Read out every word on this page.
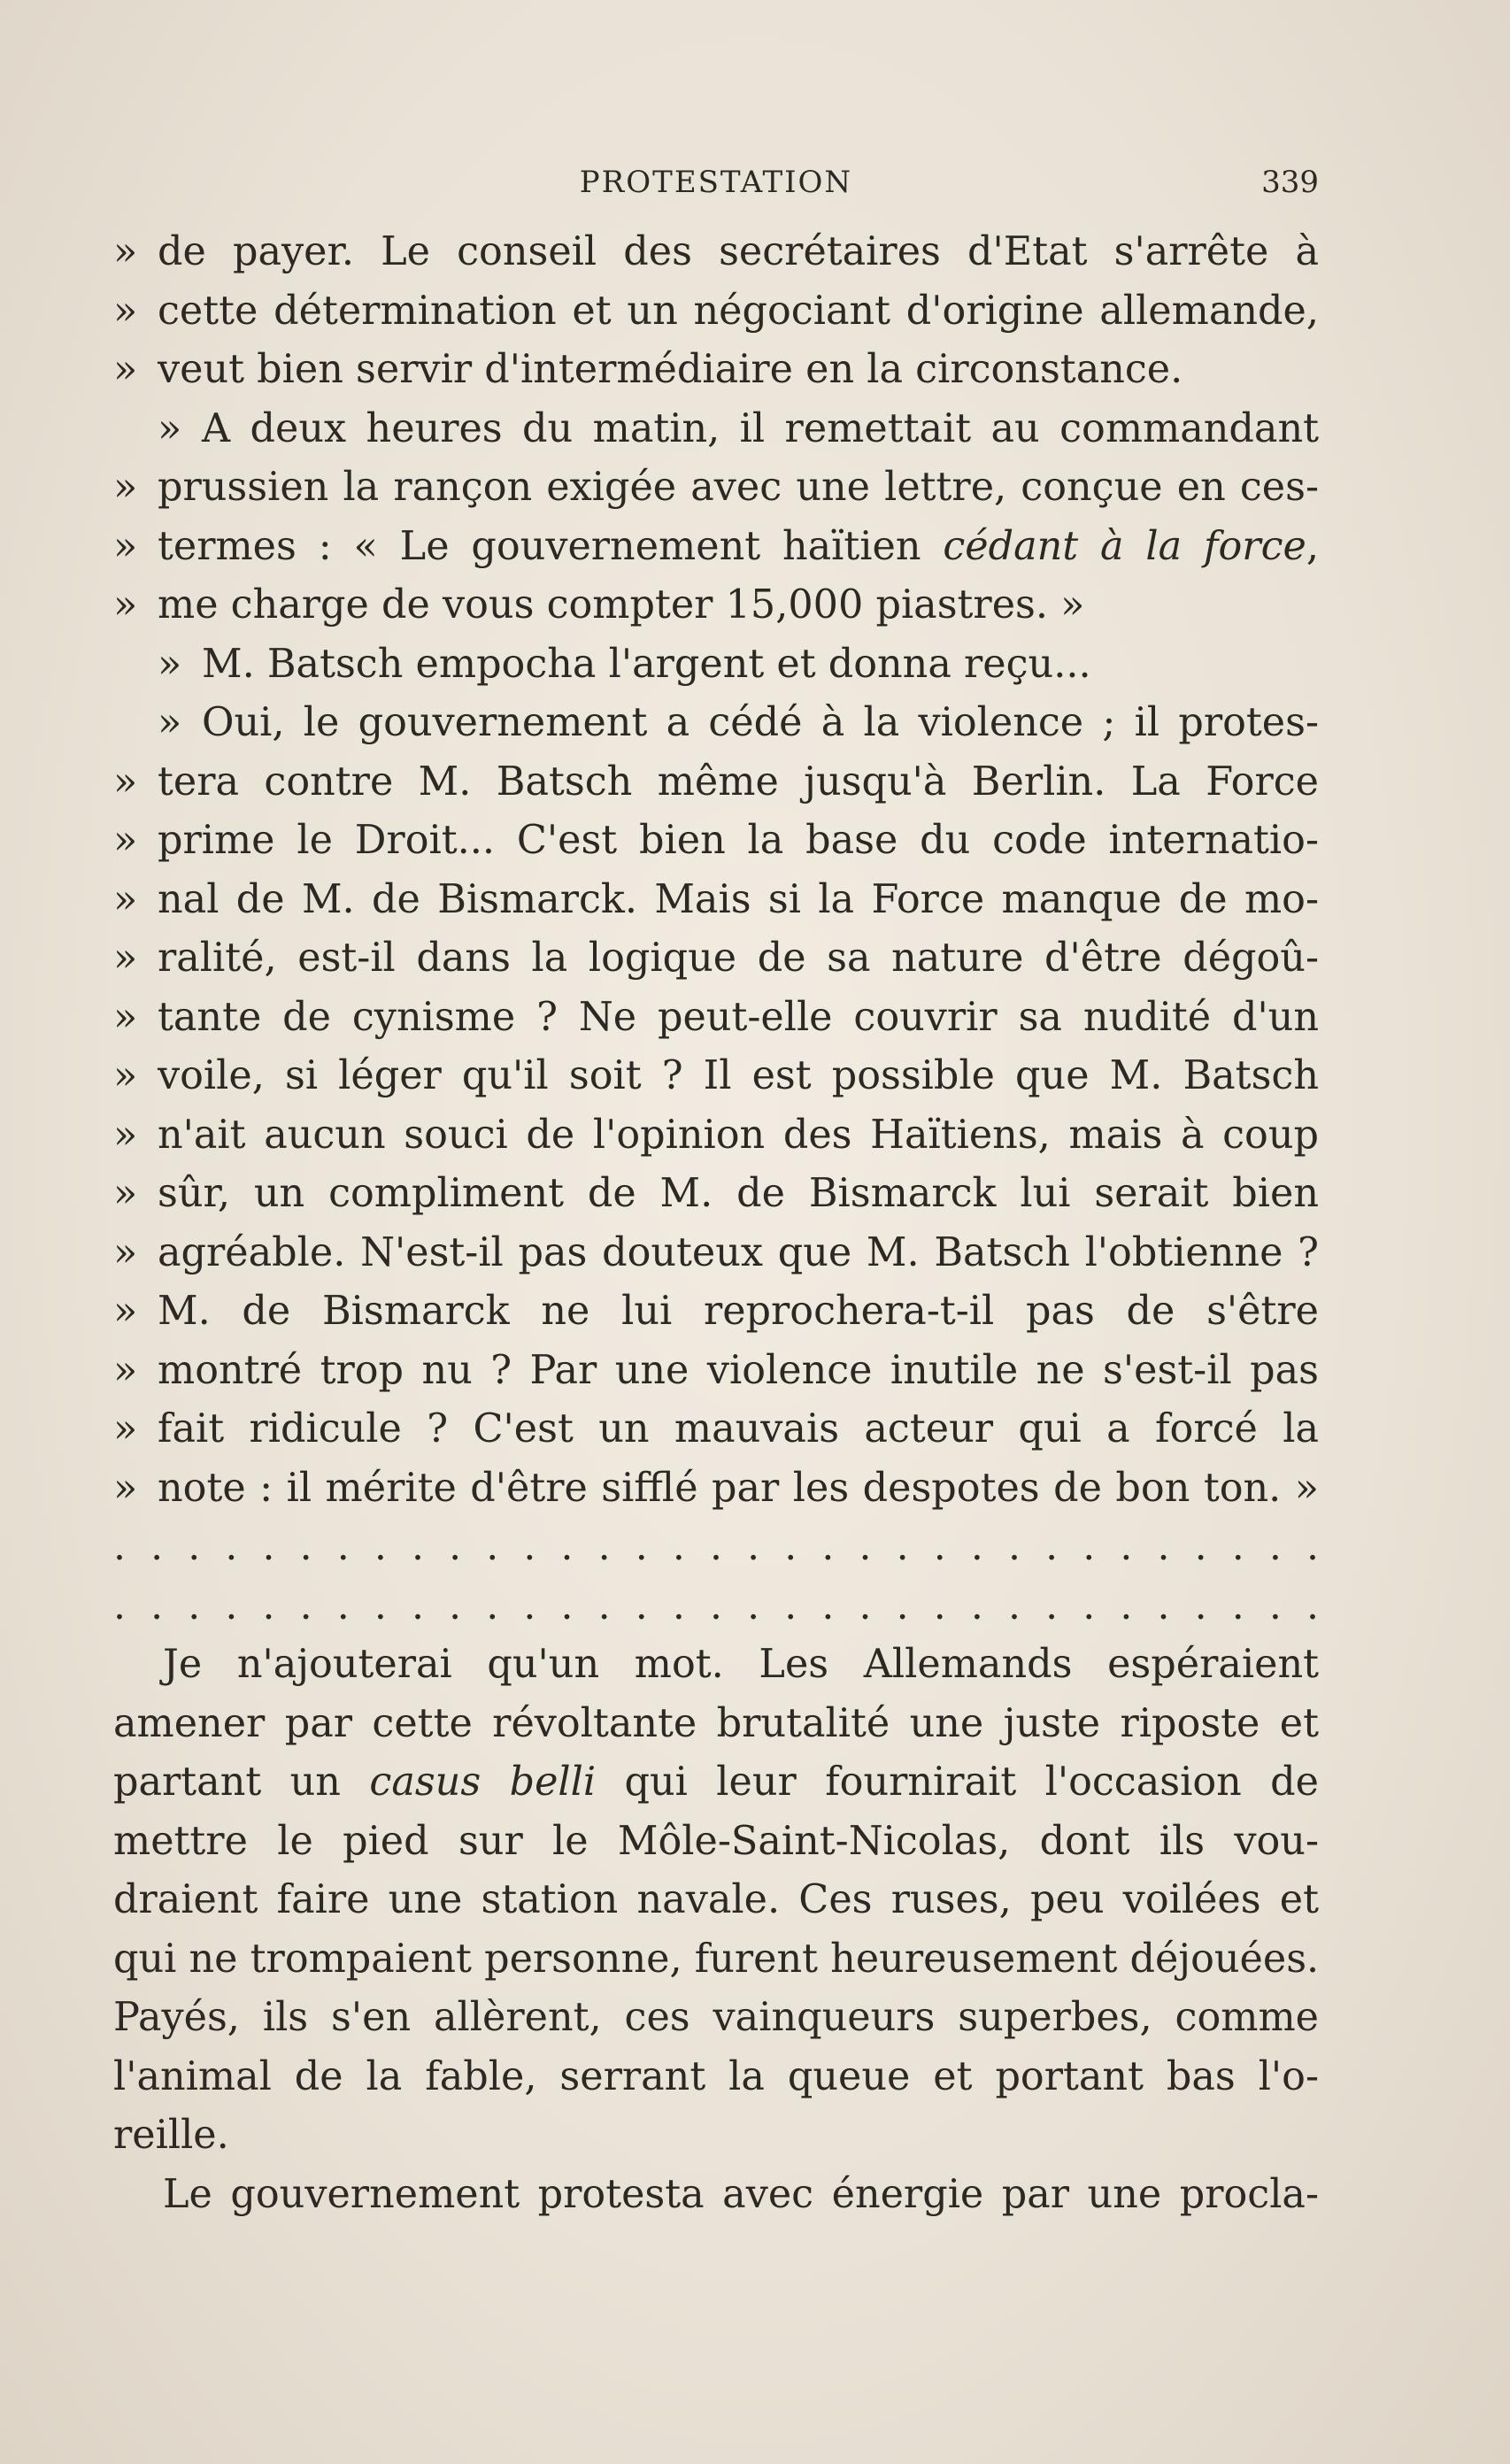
PROTESTATION	339
» de payer. Le conseil des secrétaires d'Etat s'arrête à
» cette détermination et un négociant d'origine allemande,
» veut bien servir d'intermédiaire en la circonstance.
» A deux heures du matin, il remettait au commandant
» prussien la rançon exigée avec une lettre, conçue en ces-
» termes : « Le gouvernement haïtien cédant à la force,
» me charge de vous compter 15,000 piastres. »
» M. Batsch empocha l'argent et donna reçu...
» Oui, le gouvernement a cédé à la violence ; il protes-
» tera contre M. Batsch même jusqu'à Berlin. La Force
» prime le Droit... C'est bien la base du code internatio-
» nal de M. de Bismarck. Mais si la Force manque de mo-
» ralité, est-il dans la logique de sa nature d'être dégoû-
» tante de cynisme ? Ne peut-elle couvrir sa nudité d'un
» voile, si léger qu'il soit ? Il est possible que M. Batsch
» n'ait aucun souci de l'opinion des Haïtiens, mais à coup
» sûr, un compliment de M. de Bismarck lui serait bien
» agréable. N'est-il pas douteux que M. Batsch l'obtienne ?
» M. de Bismarck ne lui reprochera-t-il pas de s'être
» montré trop nu ? Par une violence inutile ne s'est-il pas
» fait ridicule ? C'est un mauvais acteur qui a forcé la
» note : il mérite d'être sifflé par les despotes de bon ton. »
. . . . . . . . . . . . . . . . . . . . . . . . . . . . . . . . .
. . . . . . . . . . . . . . . . . . . . . . . . . . . . . . . . .
Je n'ajouterai qu'un mot. Les Allemands espéraient
amener par cette révoltante brutalité une juste riposte et
partant un casus belli qui leur fournirait l'occasion de
mettre le pied sur le Môle-Saint-Nicolas, dont ils vou-
draient faire une station navale. Ces ruses, peu voilées et
qui ne trompaient personne, furent heureusement déjouées.
Payés, ils s'en allèrent, ces vainqueurs superbes, comme
l'animal de la fable, serrant la queue et portant bas l'o-
reille.
Le gouvernement protesta avec énergie par une procla-
